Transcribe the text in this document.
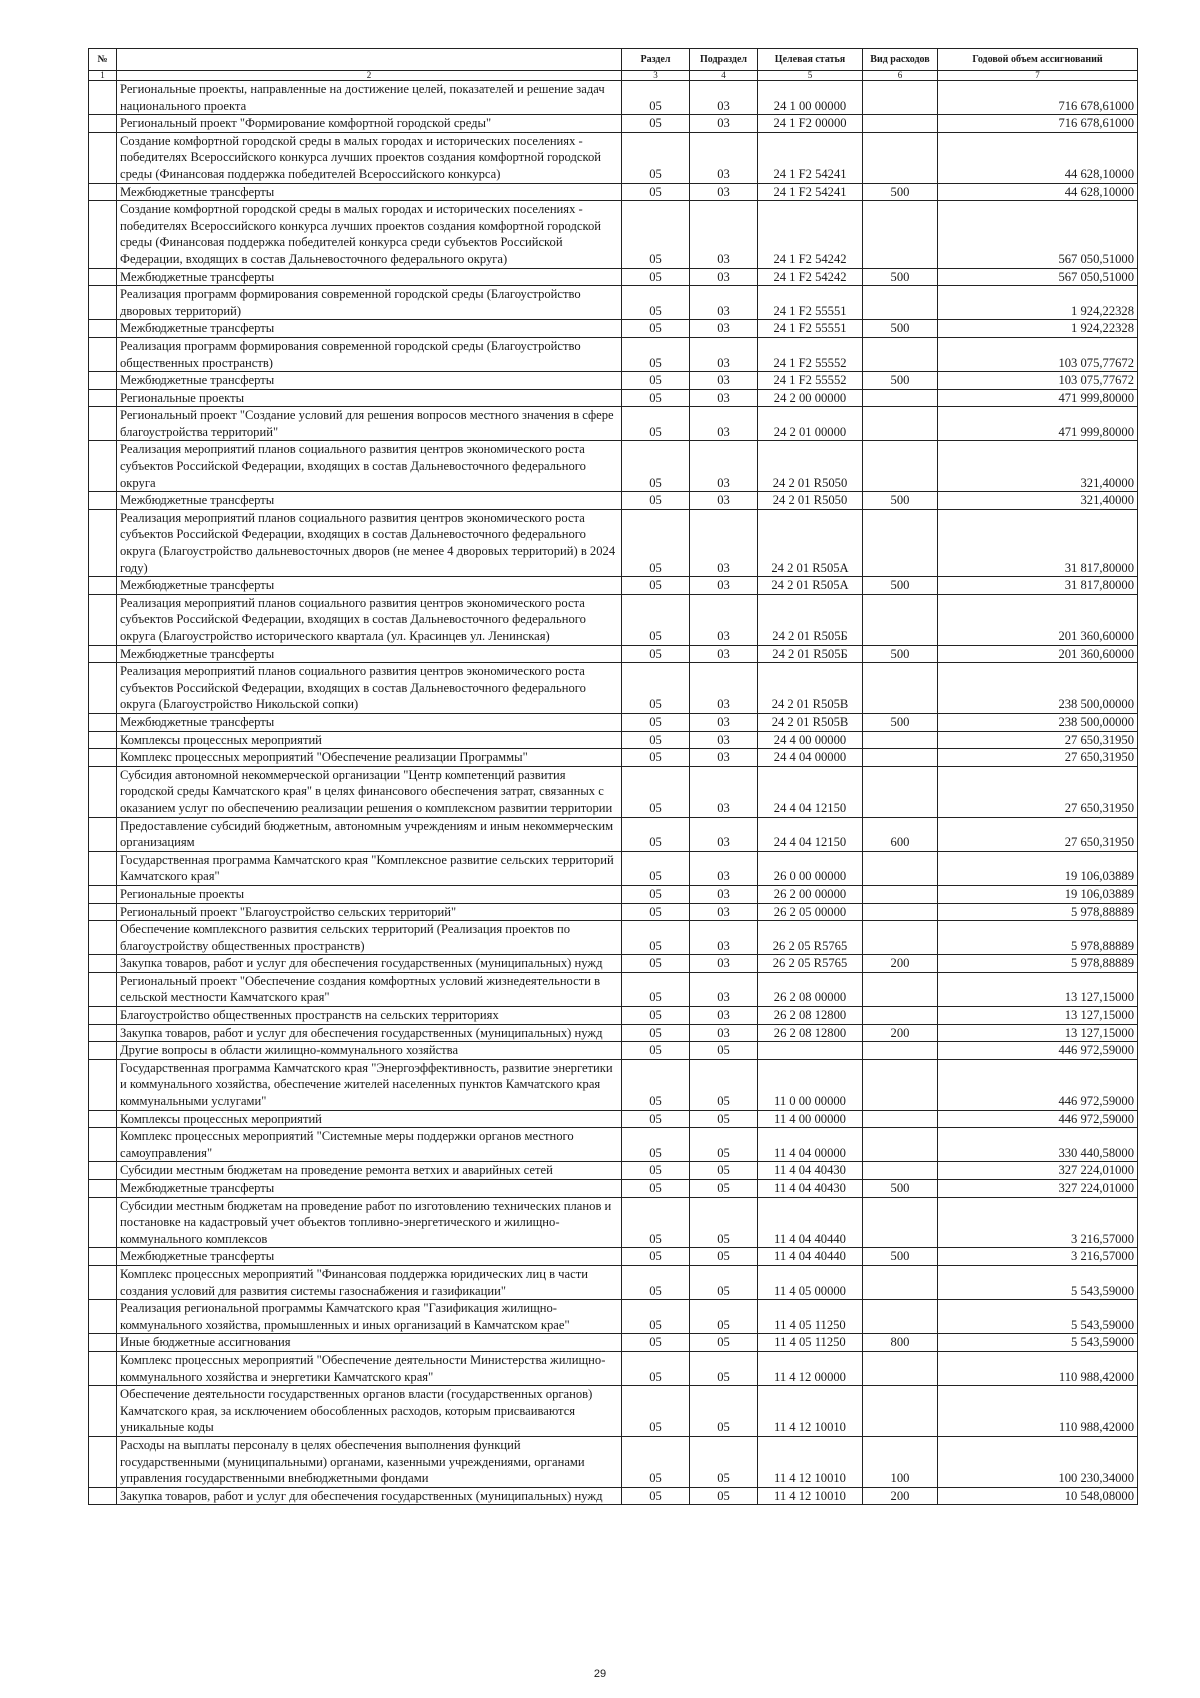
№		Раздел	Подраздел	Целевая статья	Вид расходов	Годовой объем ассигнований
1	2	3	4	5	6	7
	Региональные проекты, направленные на достижение целей, показателей и решение задач национального проекта	05	03	24 1 00 00000		716 678,61000
	Региональный проект "Формирование комфортной городской среды"	05	03	24 1 F2 00000		716 678,61000
	Создание комфортной городской среды в малых городах и исторических поселениях - победителях Всероссийского конкурса лучших проектов создания комфортной городской среды (Финансовая поддержка победителей Всероссийского конкурса)	05	03	24 1 F2 54241		44 628,10000
	Межбюджетные трансферты	05	03	24 1 F2 54241	500	44 628,10000
	Создание комфортной городской среды в малых городах и исторических поселениях - победителях Всероссийского конкурса лучших проектов создания комфортной городской среды (Финансовая поддержка победителей конкурса среди субъектов Российской Федерации, входящих в состав Дальневосточного федерального округа)	05	03	24 1 F2 54242		567 050,51000
	Межбюджетные трансферты	05	03	24 1 F2 54242	500	567 050,51000
	Реализация программ формирования современной городской среды (Благоустройство дворовых территорий)	05	03	24 1 F2 55551		1 924,22328
	Межбюджетные трансферты	05	03	24 1 F2 55551	500	1 924,22328
	Реализация программ формирования современной городской среды (Благоустройство общественных пространств)	05	03	24 1 F2 55552		103 075,77672
	Межбюджетные трансферты	05	03	24 1 F2 55552	500	103 075,77672
	Региональные проекты	05	03	24 2 00 00000		471 999,80000
	Региональный проект "Создание условий для решения вопросов местного значения в сфере благоустройства территорий"	05	03	24 2 01 00000		471 999,80000
	Реализация мероприятий планов социального развития центров экономического роста субъектов Российской Федерации, входящих в состав Дальневосточного федерального округа	05	03	24 2 01 R5050		321,40000
	Межбюджетные трансферты	05	03	24 2 01 R5050	500	321,40000
	Реализация мероприятий планов социального развития центров экономического роста субъектов Российской Федерации, входящих в состав Дальневосточного федерального округа (Благоустройство дальневосточных дворов (не менее 4 дворовых территорий) в 2024 году)	05	03	24 2 01 R505A		31 817,80000
	Межбюджетные трансферты	05	03	24 2 01 R505A	500	31 817,80000
	Реализация мероприятий планов социального развития центров экономического роста субъектов Российской Федерации, входящих в состав Дальневосточного федерального округа (Благоустройство исторического квартала (ул. Красинцев ул. Ленинская)	05	03	24 2 01 R505Б		201 360,60000
	Межбюджетные трансферты	05	03	24 2 01 R505Б	500	201 360,60000
	Реализация мероприятий планов социального развития центров экономического роста субъектов Российской Федерации, входящих в состав Дальневосточного федерального округа (Благоустройство Никольской сопки)	05	03	24 2 01 R505B		238 500,00000
	Межбюджетные трансферты	05	03	24 2 01 R505B	500	238 500,00000
	Комплексы процессных мероприятий	05	03	24 4 00 00000		27 650,31950
	Комплекс процессных мероприятий "Обеспечение реализации Программы"	05	03	24 4 04 00000		27 650,31950
	Субсидия автономной некоммерческой организации "Центр компетенций развития городской среды Камчатского края" в целях финансового обеспечения затрат, связанных с оказанием услуг по обеспечению реализации решения о комплексном развитии территории	05	03	24 4 04 12150		27 650,31950
	Предоставление субсидий бюджетным, автономным учреждениям и иным некоммерческим организациям	05	03	24 4 04 12150	600	27 650,31950
	Государственная программа Камчатского края "Комплексное развитие сельских территорий Камчатского края"	05	03	26 0 00 00000		19 106,03889
	Региональные проекты	05	03	26 2 00 00000		19 106,03889
	Региональный проект "Благоустройство сельских территорий"	05	03	26 2 05 00000		5 978,88889
	Обеспечение комплексного развития сельских территорий (Реализация проектов по благоустройству общественных пространств)	05	03	26 2 05 R5765		5 978,88889
	Закупка товаров, работ и услуг для обеспечения государственных (муниципальных) нужд	05	03	26 2 05 R5765	200	5 978,88889
	Региональный проект "Обеспечение создания комфортных условий жизнедеятельности в сельской местности Камчатского края"	05	03	26 2 08 00000		13 127,15000
	Благоустройство общественных пространств на сельских территориях	05	03	26 2 08 12800		13 127,15000
	Закупка товаров, работ и услуг для обеспечения государственных (муниципальных) нужд	05	03	26 2 08 12800	200	13 127,15000
	Другие вопросы в области жилищно-коммунального хозяйства	05	05			446 972,59000
	Государственная программа Камчатского края "Энергоэффективность, развитие энергетики и коммунального хозяйства, обеспечение жителей населенных пунктов Камчатского края коммунальными услугами"	05	05	11 0 00 00000		446 972,59000
	Комплексы процессных мероприятий	05	05	11 4 00 00000		446 972,59000
	Комплекс процессных мероприятий "Системные меры поддержки органов местного самоуправления"	05	05	11 4 04 00000		330 440,58000
	Субсидии местным бюджетам на проведение ремонта ветхих и аварийных сетей	05	05	11 4 04 40430		327 224,01000
	Межбюджетные трансферты	05	05	11 4 04 40430	500	327 224,01000
	Субсидии местным бюджетам на проведение работ по изготовлению технических планов и постановке на кадастровый учет объектов топливно-энергетического и жилищно-коммунального комплексов	05	05	11 4 04 40440		3 216,57000
	Межбюджетные трансферты	05	05	11 4 04 40440	500	3 216,57000
	Комплекс процессных мероприятий "Финансовая поддержка юридических лиц в части создания условий для развития системы газоснабжения и газификации"	05	05	11 4 05 00000		5 543,59000
	Реализация региональной программы Камчатского края "Газификация жилищно-коммунального хозяйства, промышленных и иных организаций в Камчатском крае"	05	05	11 4 05 11250		5 543,59000
	Иные бюджетные ассигнования	05	05	11 4 05 11250	800	5 543,59000
	Комплекс процессных мероприятий "Обеспечение деятельности Министерства жилищно-коммунального хозяйства и энергетики Камчатского края"	05	05	11 4 12 00000		110 988,42000
	Обеспечение деятельности государственных органов власти (государственных органов) Камчатского края, за исключением обособленных расходов, которым присваиваются уникальные коды	05	05	11 4 12 10010		110 988,42000
	Расходы на выплаты персоналу в целях обеспечения выполнения функций государственными (муниципальными) органами, казенными учреждениями, органами управления государственными внебюджетными фондами	05	05	11 4 12 10010	100	100 230,34000
	Закупка товаров, работ и услуг для обеспечения государственных (муниципальных) нужд	05	05	11 4 12 10010	200	10 548,08000
29
